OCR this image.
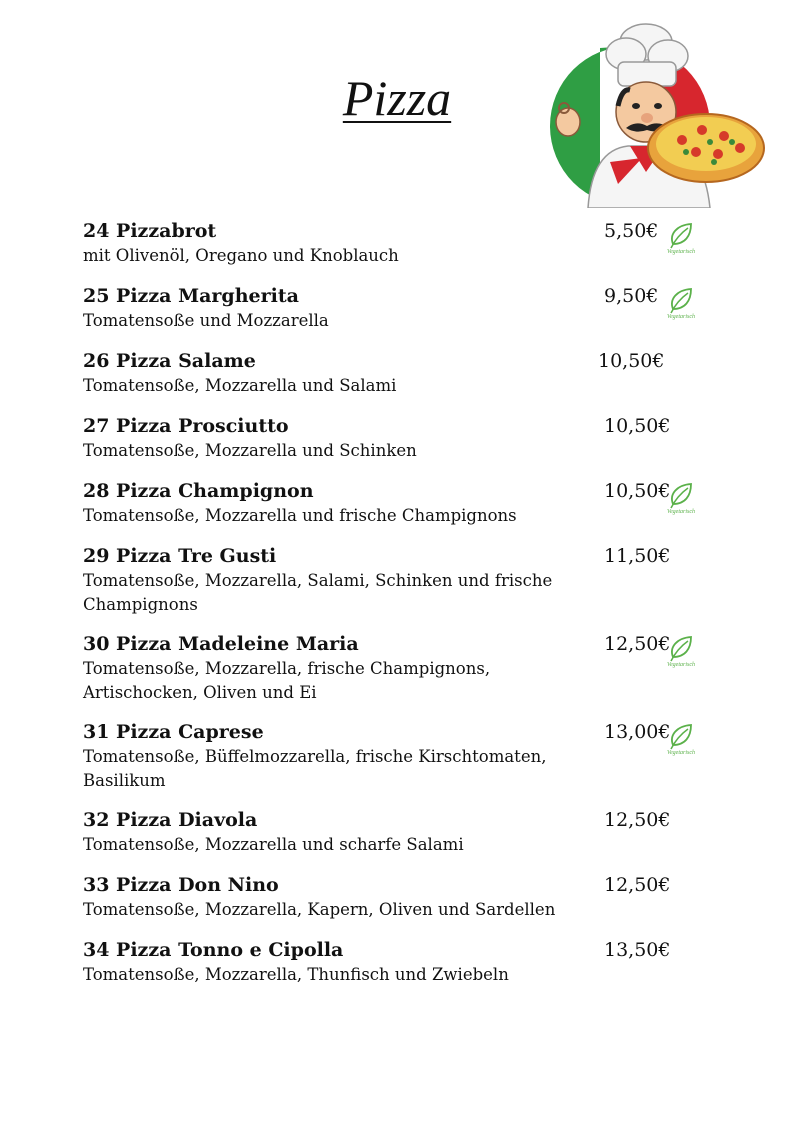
Pizza
24 Pizzabrot
mit Olivenöl, Oregano und Knoblauch
5,50€
Vegetarisch
25 Pizza Margherita
Tomatensoße und Mozzarella
9,50€
Vegetarisch
26 Pizza Salame
Tomatensoße, Mozzarella und Salami
10,50€
27 Pizza Prosciutto
Tomatensoße, Mozzarella und Schinken
10,50€
28 Pizza Champignon
Tomatensoße, Mozzarella und frische Champignons
10,50€
Vegetarisch
29 Pizza Tre Gusti
Tomatensoße, Mozzarella, Salami, Schinken und frische Champignons
11,50€
30 Pizza Madeleine Maria
Tomatensoße, Mozzarella, frische Champignons, Artischocken, Oliven und Ei
12,50€
Vegetarisch
31 Pizza Caprese
Tomatensoße, Büffelmozzarella, frische Kirschtomaten, Basilikum
13,00€
Vegetarisch
32 Pizza Diavola
Tomatensoße, Mozzarella und scharfe Salami
12,50€
33 Pizza Don Nino
Tomatensoße, Mozzarella, Kapern, Oliven und Sardellen
12,50€
34 Pizza Tonno e Cipolla
Tomatensoße, Mozzarella, Thunfisch und Zwiebeln
13,50€
